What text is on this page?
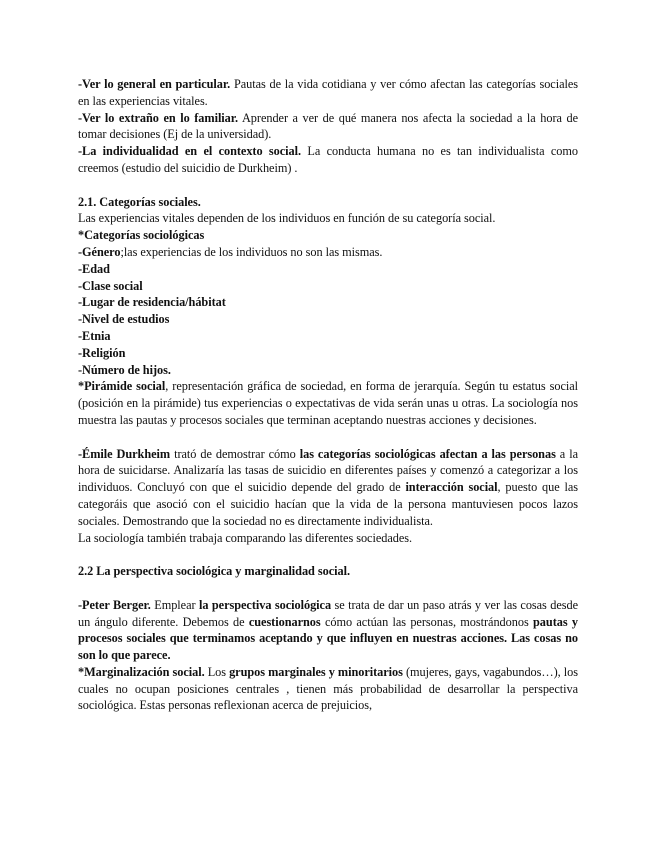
-Ver lo general en particular. Pautas de la vida cotidiana y ver cómo afectan las categorías sociales en las experiencias vitales.

-Ver lo extraño en lo familiar. Aprender a ver de qué manera nos afecta la sociedad a la hora de tomar decisiones (Ej de la universidad).

-La individualidad en el contexto social. La conducta humana no es tan individualista como creemos (estudio del suicidio de Durkheim) .

2.1. Categorías sociales.

Las experiencias vitales dependen de los individuos en función de su categoría social.

*Categorías sociológicas

-Género;las experiencias de los individuos no son las mismas.

-Edad

-Clase social

-Lugar de residencia/hábitat

-Nivel de estudios

-Etnia

-Religión

-Número de hijos.

*Pirámide social, representación gráfica de sociedad, en forma de jerarquía. Según tu estatus social (posición en la pirámide) tus experiencias o expectativas de vida serán unas u otras. La sociología nos muestra las pautas y procesos sociales que terminan aceptando nuestras acciones y decisiones.

-Émile Durkheim trató de demostrar cómo las categorías sociológicas afectan a las personas a la hora de suicidarse. Analizaría las tasas de suicidio en diferentes países y comenzó a categorizar a los individuos. Concluyó con que el suicidio depende del grado de interacción social, puesto que las categoráis que asoció con el suicidio hacían que la vida de la persona mantuviesen pocos lazos sociales. Demostrando que la sociedad no es directamente individualista.

La sociología también trabaja comparando las diferentes sociedades.

2.2 La perspectiva sociológica y marginalidad social.

-Peter Berger. Emplear la perspectiva sociológica se trata de dar un paso atrás y ver las cosas desde un ángulo diferente. Debemos de cuestionarnos cómo actúan las personas, mostrándonos pautas y procesos sociales que terminamos aceptando y que influyen en nuestras acciones. Las cosas no son lo que parece.

*Marginalización social. Los grupos marginales y minoritarios (mujeres, gays, vagabundos…), los cuales no ocupan posiciones centrales , tienen más probabilidad de desarrollar la perspectiva sociológica. Estas personas reflexionan acerca de prejuicios,
